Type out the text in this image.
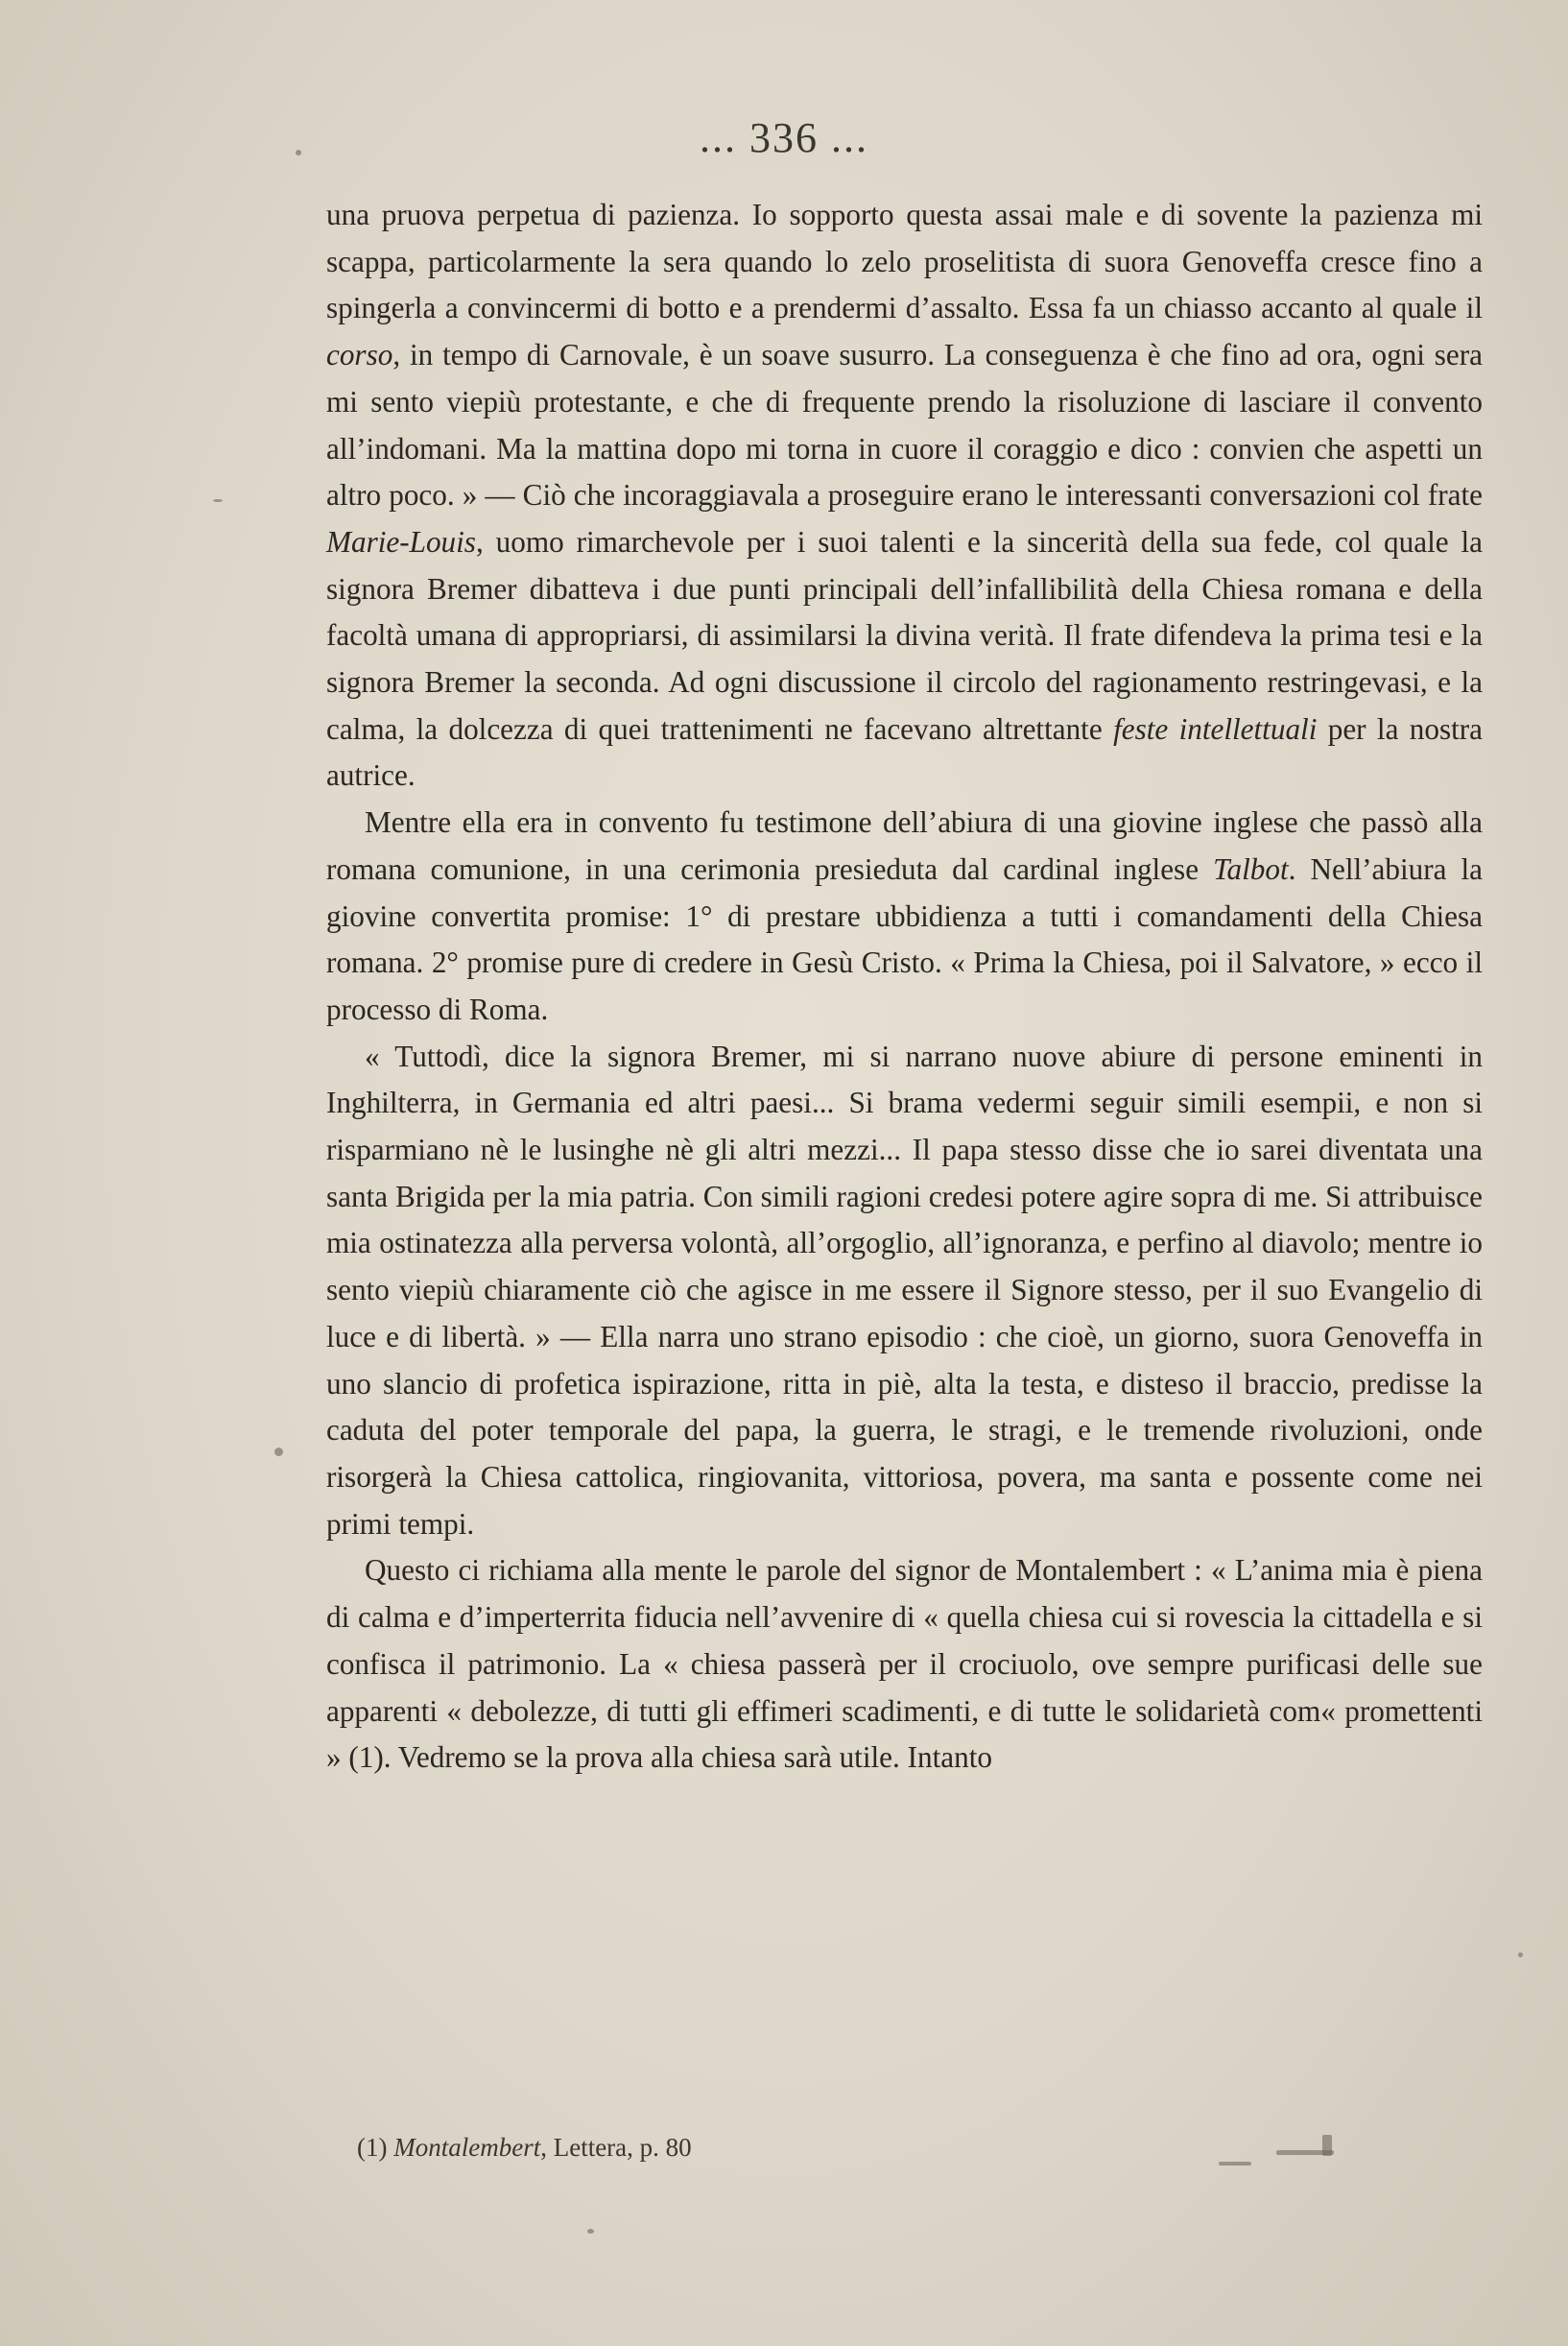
... 336 ...

una pruova perpetua di pazienza. Io sopporto questa assai male e di sovente la pazienza mi scappa, particolarmente la sera quando lo zelo proselitista di suora Genoveffa cresce fino a spingerla a convincermi di botto e a prendermi d’assalto. Essa fa un chiasso accanto al quale il corso, in tempo di Carnovale, è un soave susurro. La conseguenza è che fino ad ora, ogni sera mi sento viepiù protestante, e che di frequente prendo la risoluzione di lasciare il convento all’indomani. Ma la mattina dopo mi torna in cuore il coraggio e dico : convien che aspetti un altro poco. » — Ciò che incoraggiavala a proseguire erano le interessanti conversazioni col frate Marie-Louis, uomo rimarchevole per i suoi talenti e la sincerità della sua fede, col quale la signora Bremer dibatteva i due punti principali dell’infallibilità della Chiesa romana e della facoltà umana di appropriarsi, di assimilarsi la divina verità. Il frate difendeva la prima tesi e la signora Bremer la seconda. Ad ogni discussione il circolo del ragionamento restringevasi, e la calma, la dolcezza di quei trattenimenti ne facevano altrettante feste intellettuali per la nostra autrice.

Mentre ella era in convento fu testimone dell’abiura di una giovine inglese che passò alla romana comunione, in una cerimonia presieduta dal cardinal inglese Talbot. Nell’abiura la giovine convertita promise: 1° di prestare ubbidienza a tutti i comandamenti della Chiesa romana. 2° promise pure di credere in Gesù Cristo. « Prima la Chiesa, poi il Salvatore, » ecco il processo di Roma.

« Tuttodì, dice la signora Bremer, mi si narrano nuove abiure di persone eminenti in Inghilterra, in Germania ed altri paesi... Si brama vedermi seguir simili esempii, e non si risparmiano nè le lusinghe nè gli altri mezzi... Il papa stesso disse che io sarei diventata una santa Brigida per la mia patria. Con simili ragioni credesi potere agire sopra di me. Si attribuisce mia ostinatezza alla perversa volontà, all’orgoglio, all’ignoranza, e perfino al diavolo; mentre io sento viepiù chiaramente ciò che agisce in me essere il Signore stesso, per il suo Evangelio di luce e di libertà. » — Ella narra uno strano episodio : che cioè, un giorno, suora Genoveffa in uno slancio di profetica ispirazione, ritta in piè, alta la testa, e disteso il braccio, predisse la caduta del poter temporale del papa, la guerra, le stragi, e le tremende rivoluzioni, onde risorgerà la Chiesa cattolica, ringiovanita, vittoriosa, povera, ma santa e possente come nei primi tempi.

Questo ci richiama alla mente le parole del signor de Montalembert : « L’anima mia è piena di calma e d’imperterrita fiducia nell’avvenire di « quella chiesa cui si rovescia la cittadella e si confisca il patrimonio. La « chiesa passerà per il crociuolo, ove sempre purificasi delle sue apparenti « debolezze, di tutti gli effimeri scadimenti, e di tutte le solidarietà com« promettenti » (1). Vedremo se la prova alla chiesa sarà utile. Intanto

(1) Montalembert, Lettera, p. 80
